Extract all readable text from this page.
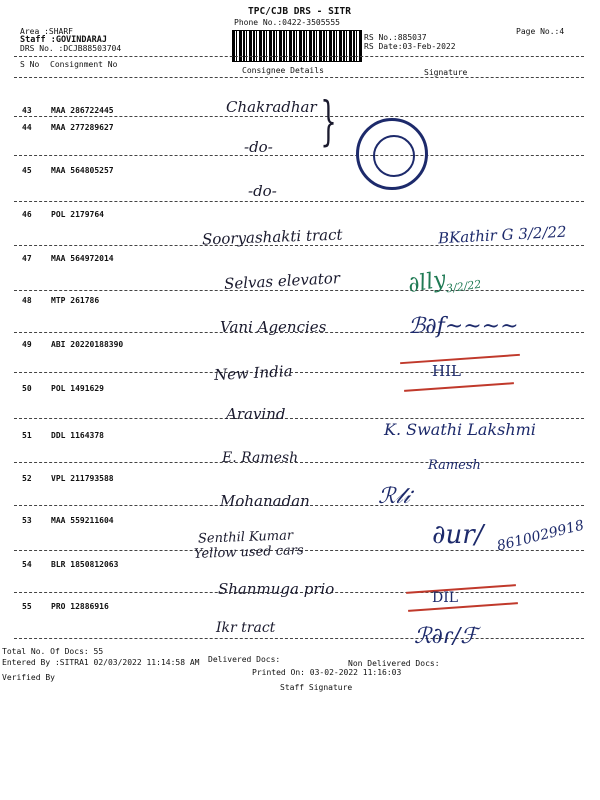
TPC/CJB DRS - SITR
Phone No.:0422-3505555
Page No.:4
Area :SHARF
Staff :GOVINDARAJ
DRS No. :DCJB88503704
RS No.:885037
RS Date:03-Feb-2022
S No Consignment No
Consignee Details	Signature
43 MAA 286722445
44 MAA 277289627
45 MAA 564805257
46 POL 2179764
47 MAA 564972014
48 MTP 261786
49 ABI 20220188390
50 POL 1491629
51 DDL 1164378
52 VPL 211793588
53 MAA 559211604
54 BLR 1850812063
55 PRO 12886916
Chakradhar }
-do-
-do-
Sooryashakti tract
Selvas elevator
Vani Agencies
New India
Aravind
E. Ramesh
Mohanadan
Senthil Kumar
Yellow used cars
Shanmuga prio
Ikr tract
BKathir G 3/2/22
∂lly
3/2/22
ℬ∂f~~~~
HIL
K. Swathi Lakshmi
Ramesh
ℛ𝓁𝒾
∂ur/ 8610029918
DIL
ℛ∂ɾ∕ℱ
Total No. Of Docs: 55
Delivered Docs:	Non Delivered Docs:
Entered By :SITRA1 02/03/2022 11:14:58 AM
Printed On: 03-02-2022 11:16:03
Verified By
Staff Signature
